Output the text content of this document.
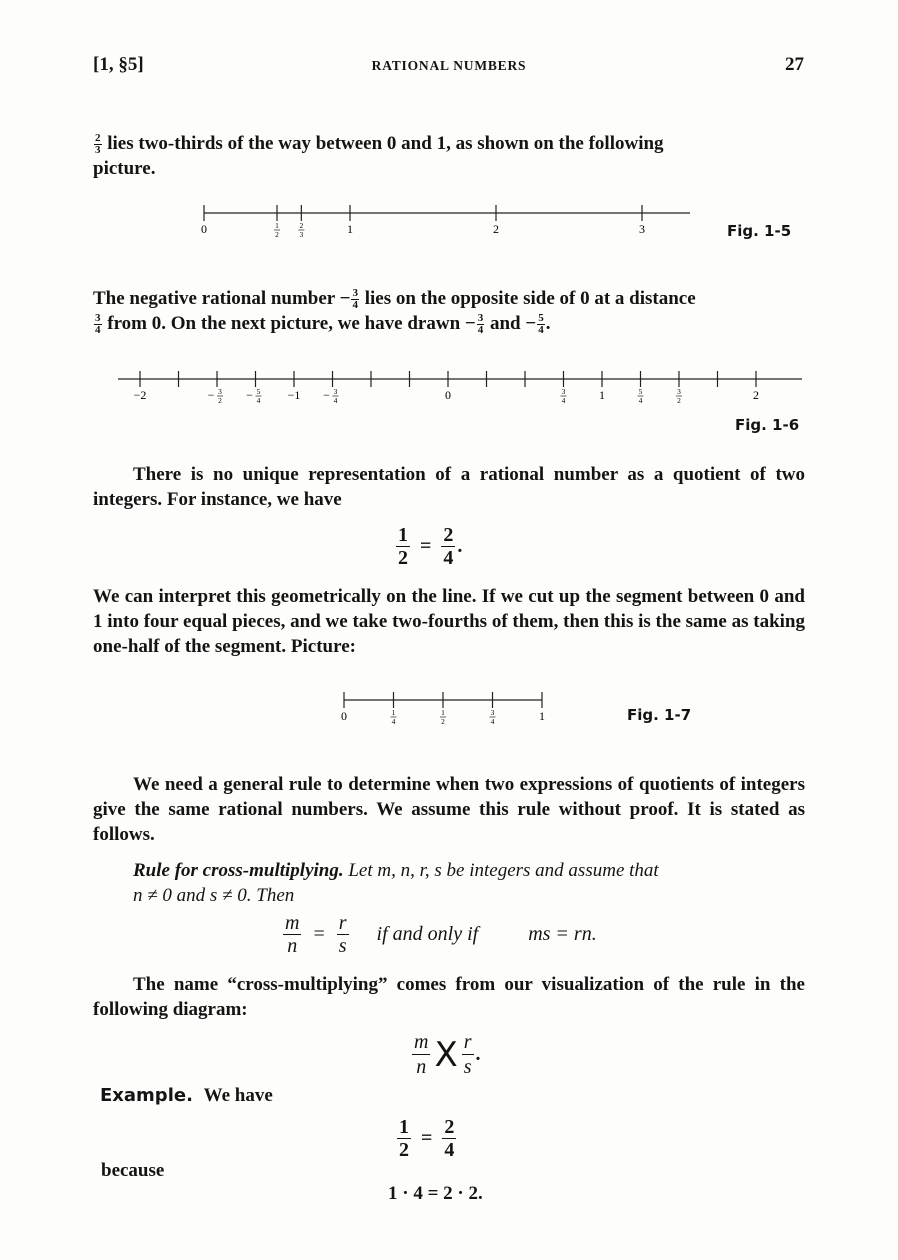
[1, §5]	RATIONAL NUMBERS	27
$\frac{2}{3}$ lies two-thirds of the way between 0 and 1, as shown on the following
picture.
0	1
2
2
3	1	2	3	Fig. 1-5
The negative rational number − $\frac{3}{4}$ lies on the opposite side of 0 at a distance

$\frac{3}{4}$ from 0. On the next picture, we have drawn − $\frac{3}{4}$ and − $\frac{5}{4}$ .
−2	− 3
2 − 5
4 −1 − 3
4	0	3
4	1	5
4
3
2	2
Fig. 1-6
There is no unique representation of a rational number as a quotient of two integers. For instance, we have
$\frac{1}{2} = \frac{2}{4}$ .
We can interpret this geometrically on the line. If we cut up the segment between 0 and 1 into four equal pieces, and we take two-fourths of them, then this is the same as taking one-half of the segment. Picture:
0	1
4
1
2
3
4	1	Fig. 1-7
We need a general rule to determine when two expressions of quotients of integers give the same rational numbers. We assume this rule without proof. It is stated as follows.
Rule for cross-multiplying. Let m, n, r, s be integers and assume that
n ≠ 0 and s ≠ 0. Then
$\frac{m}{n} = \frac{r}{s}$ if and only if	ms = rn.
The name “cross-multiplying” comes from our visualization of the rule in the following diagram:
$\frac{m}{n}$ X $\frac{r}{s}$ .
Example. We have
$\frac{1}{2} = \frac{2}{4}$
because
1 · 4 = 2 · 2.
